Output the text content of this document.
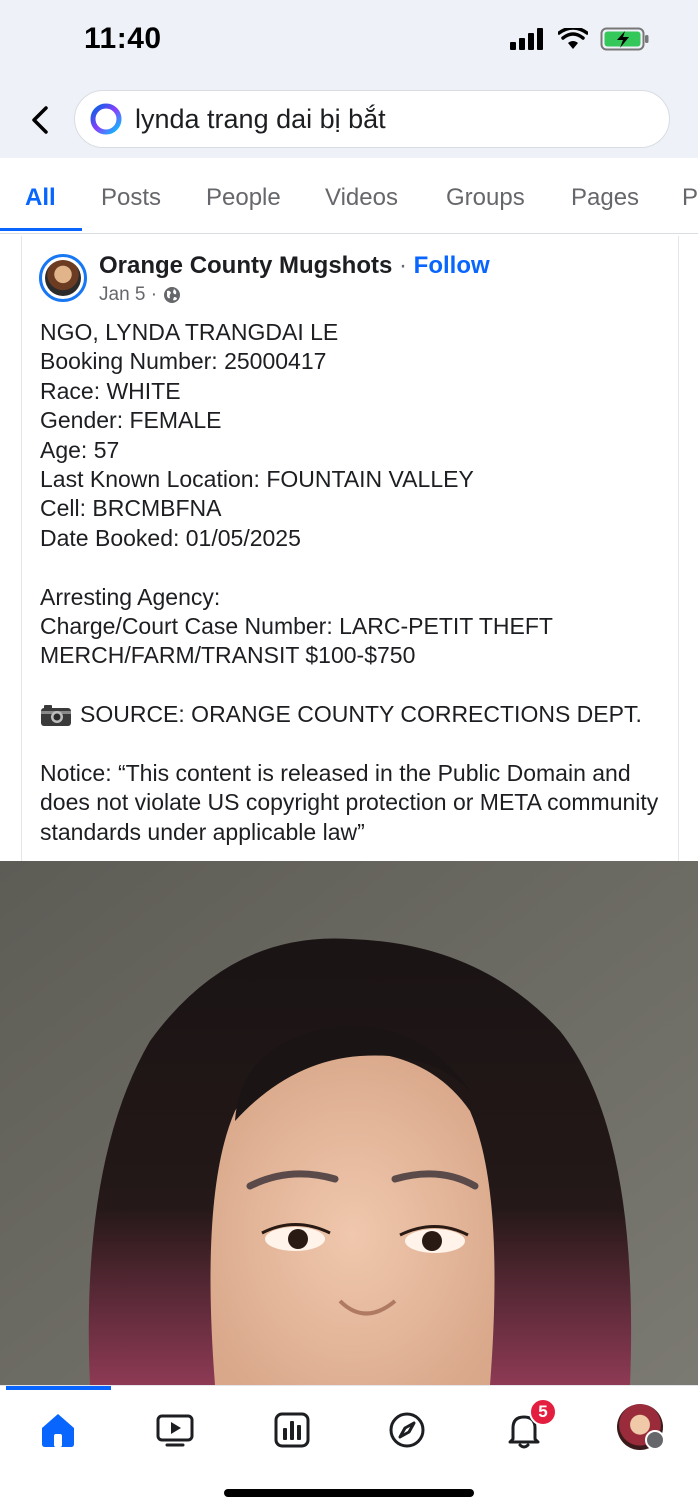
11:40
lynda trang dai bị bắt
All Posts People Videos Groups Pages P
Orange County Mugshots · Follow
Jan 5 ·

NGO, LYNDA TRANGDAI LE

Booking Number: 25000417

Race: WHITE

Gender: FEMALE

Age: 57

Last Known Location: FOUNTAIN VALLEY

Cell: BRCMBFNA

Date Booked: 01/05/2025

Arresting Agency:

Charge/Court Case Number: LARC-PETIT THEFT

MERCH/FARM/TRANSIT $100-$750

SOURCE: ORANGE COUNTY CORRECTIONS DEPT.

Notice: “This content is released in the Public Domain and does not violate US copyright protection or META community standards under applicable law”

5
